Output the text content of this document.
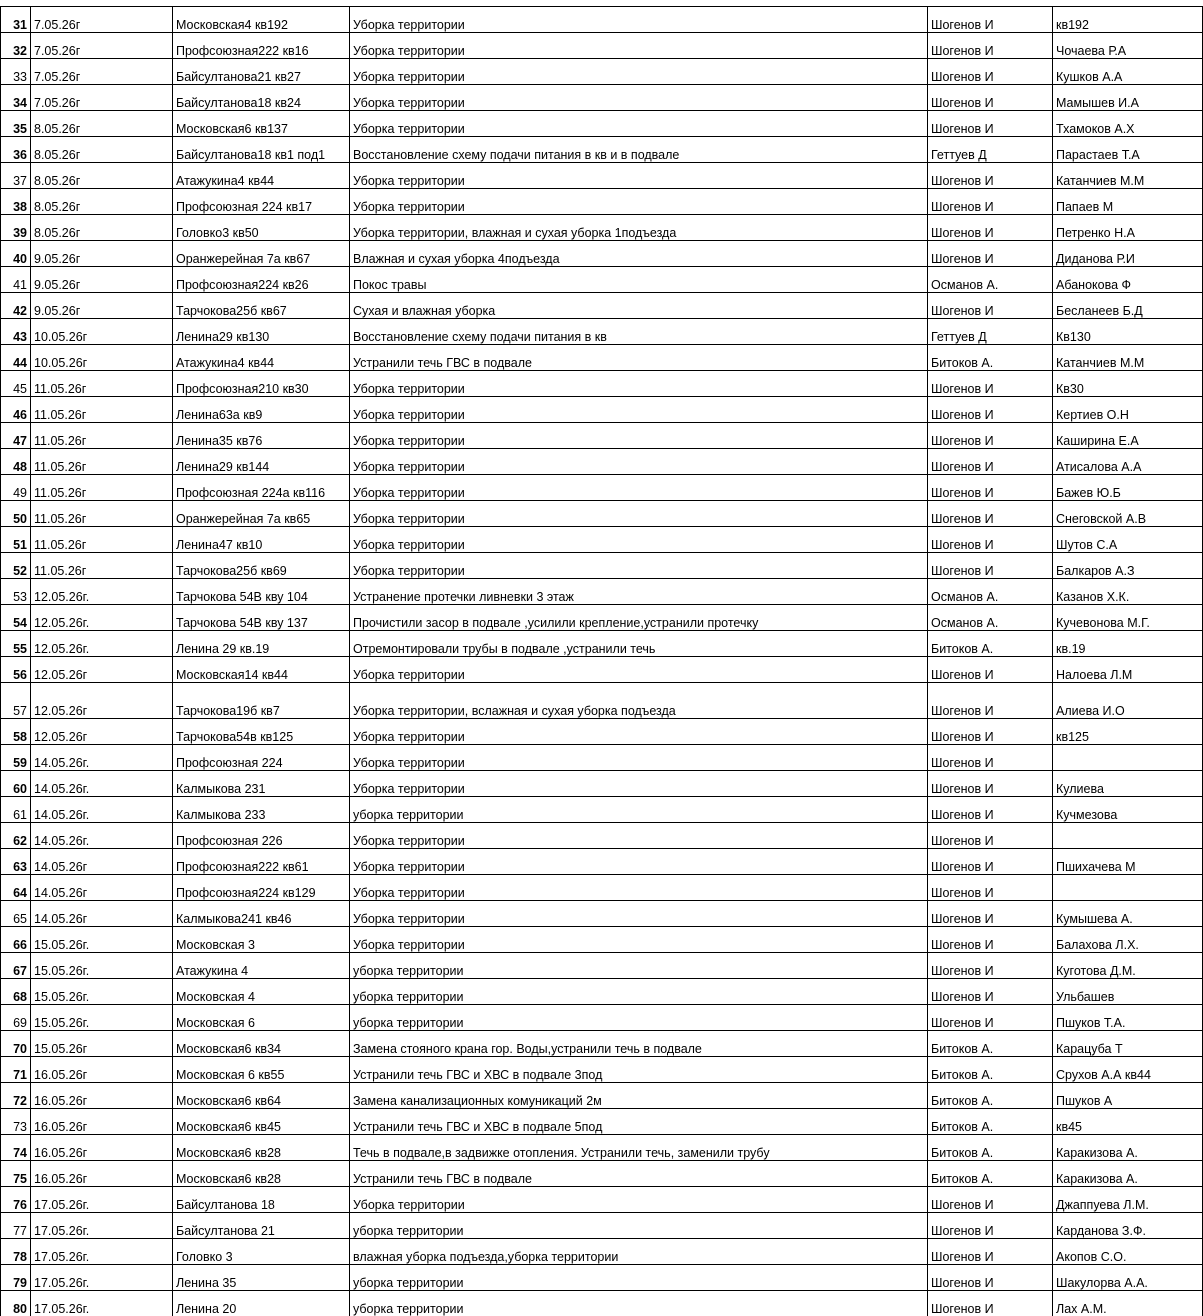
31	7.05.26г	Московская4 кв192	Уборка территории	Шогенов И	кв192
32	7.05.26г	Профсоюзная222 кв16	Уборка территории	Шогенов И	Чочаева Р.А
33	7.05.26г	Байсултанова21 кв27	Уборка территории	Шогенов И	Кушков А.А
34	7.05.26г	Байсултанова18 кв24	Уборка территории	Шогенов И	Мамышев И.А
35	8.05.26г	Московская6 кв137	Уборка территории	Шогенов И	Тхамоков А.Х
36	8.05.26г	Байсултанова18 кв1 под1	Восстановление схему подачи питания в кв и в подвале	Геттуев Д	Парастаев Т.А
37	8.05.26г	Атажукина4 кв44	Уборка территории	Шогенов И	Катанчиев М.М
38	8.05.26г	Профсоюзная 224 кв17	Уборка территории	Шогенов И	Папаев М
39	8.05.26г	Головко3 кв50	Уборка территории, влажная и сухая уборка 1подъезда	Шогенов И	Петренко Н.А
40	9.05.26г	Оранжерейная 7а кв67	Влажная и сухая уборка 4подъезда	Шогенов И	Диданова Р.И
41	9.05.26г	Профсоюзная224 кв26	Покос травы	Османов А.	Абанокова Ф
42	9.05.26г	Тарчокова25б кв67	Сухая и влажная уборка	Шогенов И	Бесланеев Б.Д
43	10.05.26г	Ленина29 кв130	Восстановление схему подачи питания в кв	Геттуев Д	Кв130
44	10.05.26г	Атажукина4 кв44	Устранили течь ГВС в подвале	Битоков А.	Катанчиев М.М
45	11.05.26г	Профсоюзная210 кв30	Уборка территории	Шогенов И	Кв30
46	11.05.26г	Ленина63а кв9	Уборка территории	Шогенов И	Кертиев О.Н
47	11.05.26г	Ленина35 кв76	Уборка территории	Шогенов И	Каширина Е.А
48	11.05.26г	Ленина29 кв144	Уборка территории	Шогенов И	Атисалова А.А
49	11.05.26г	Профсоюзная 224а кв116	Уборка территории	Шогенов И	Бажев Ю.Б
50	11.05.26г	Оранжерейная 7а кв65	Уборка территории	Шогенов И	Снеговской А.В
51	11.05.26г	Ленина47 кв10	Уборка территории	Шогенов И	Шутов С.А
52	11.05.26г	Тарчокова25б кв69	Уборка территории	Шогенов И	Балкаров А.З
53	12.05.26г.	Тарчокова 54В кву 104	Устранение протечки ливневки 3 этаж	Османов А.	Казанов Х.К.
54	12.05.26г.	Тарчокова 54В кву 137	Прочистили засор в подвале ,усилили крепление,устранили протечку	Османов А.	Кучевонова М.Г.
55	12.05.26г.	Ленина 29 кв.19	Отремонтировали трубы в подвале ,устранили течь	Битоков А.	кв.19
56	12.05.26г	Московская14 кв44	Уборка территории	Шогенов И	Налоева Л.М
57	12.05.26г	Тарчокова19б кв7	Уборка территории, вслажная и сухая уборка подъезда	Шогенов И	Алиева И.О
58	12.05.26г	Тарчокова54в кв125	Уборка территории	Шогенов И	кв125
59	14.05.26г.	Профсоюзная 224	Уборка территории	Шогенов И	
60	14.05.26г.	Калмыкова 231	Уборка территории	Шогенов И	Кулиева
61	14.05.26г.	Калмыкова 233	уборка территории	Шогенов И	Кучмезова
62	14.05.26г.	Профсоюзная 226	Уборка территории	Шогенов И	
63	14.05.26г	Профсоюзная222 кв61	Уборка территории	Шогенов И	Пшихачева М
64	14.05.26г	Профсоюзная224 кв129	Уборка территории	Шогенов И	
65	14.05.26г	Калмыкова241 кв46	Уборка территории	Шогенов И	Кумышева А.
66	15.05.26г.	Московская 3	Уборка территории	Шогенов И	Балахова Л.Х.
67	15.05.26г.	Атажукина 4	уборка территории	Шогенов И	Куготова Д.М.
68	15.05.26г.	Московская 4	уборка территории	Шогенов И	Ульбашев
69	15.05.26г.	Московская 6	уборка территории	Шогенов И	Пшуков Т.А.
70	15.05.26г	Московская6 кв34	Замена стояного крана гор. Воды,устранили течь в подвале	Битоков А.	Карацуба Т
71	16.05.26г	Московская 6 кв55	Устранили течь ГВС и ХВС в подвале 3под	Битоков А.	Срухов А.А кв44
72	16.05.26г	Московская6 кв64	Замена канализационных комуникаций 2м	Битоков А.	Пшуков А
73	16.05.26г	Московская6 кв45	Устранили течь ГВС и ХВС в подвале 5под	Битоков А.	кв45
74	16.05.26г	Московская6 кв28	Течь в подвале,в задвижке отопления. Устранили течь, заменили трубу	Битоков А.	Каракизова А.
75	16.05.26г	Московская6 кв28	Устранили течь ГВС в подвале	Битоков А.	Каракизова А.
76	17.05.26г.	Байсултанова 18	Уборка территории	Шогенов И	Джаппуева Л.М.
77	17.05.26г.	Байсултанова 21	уборка территории	Шогенов И	Карданова З.Ф.
78	17.05.26г.	Головко 3	влажная уборка подъезда,уборка территории	Шогенов И	Акопов С.О.
79	17.05.26г.	Ленина 35	уборка территории	Шогенов И	Шакулорва А.А.
80	17.05.26г.	Ленина 20	уборка территории	Шогенов И	Лах А.М.
